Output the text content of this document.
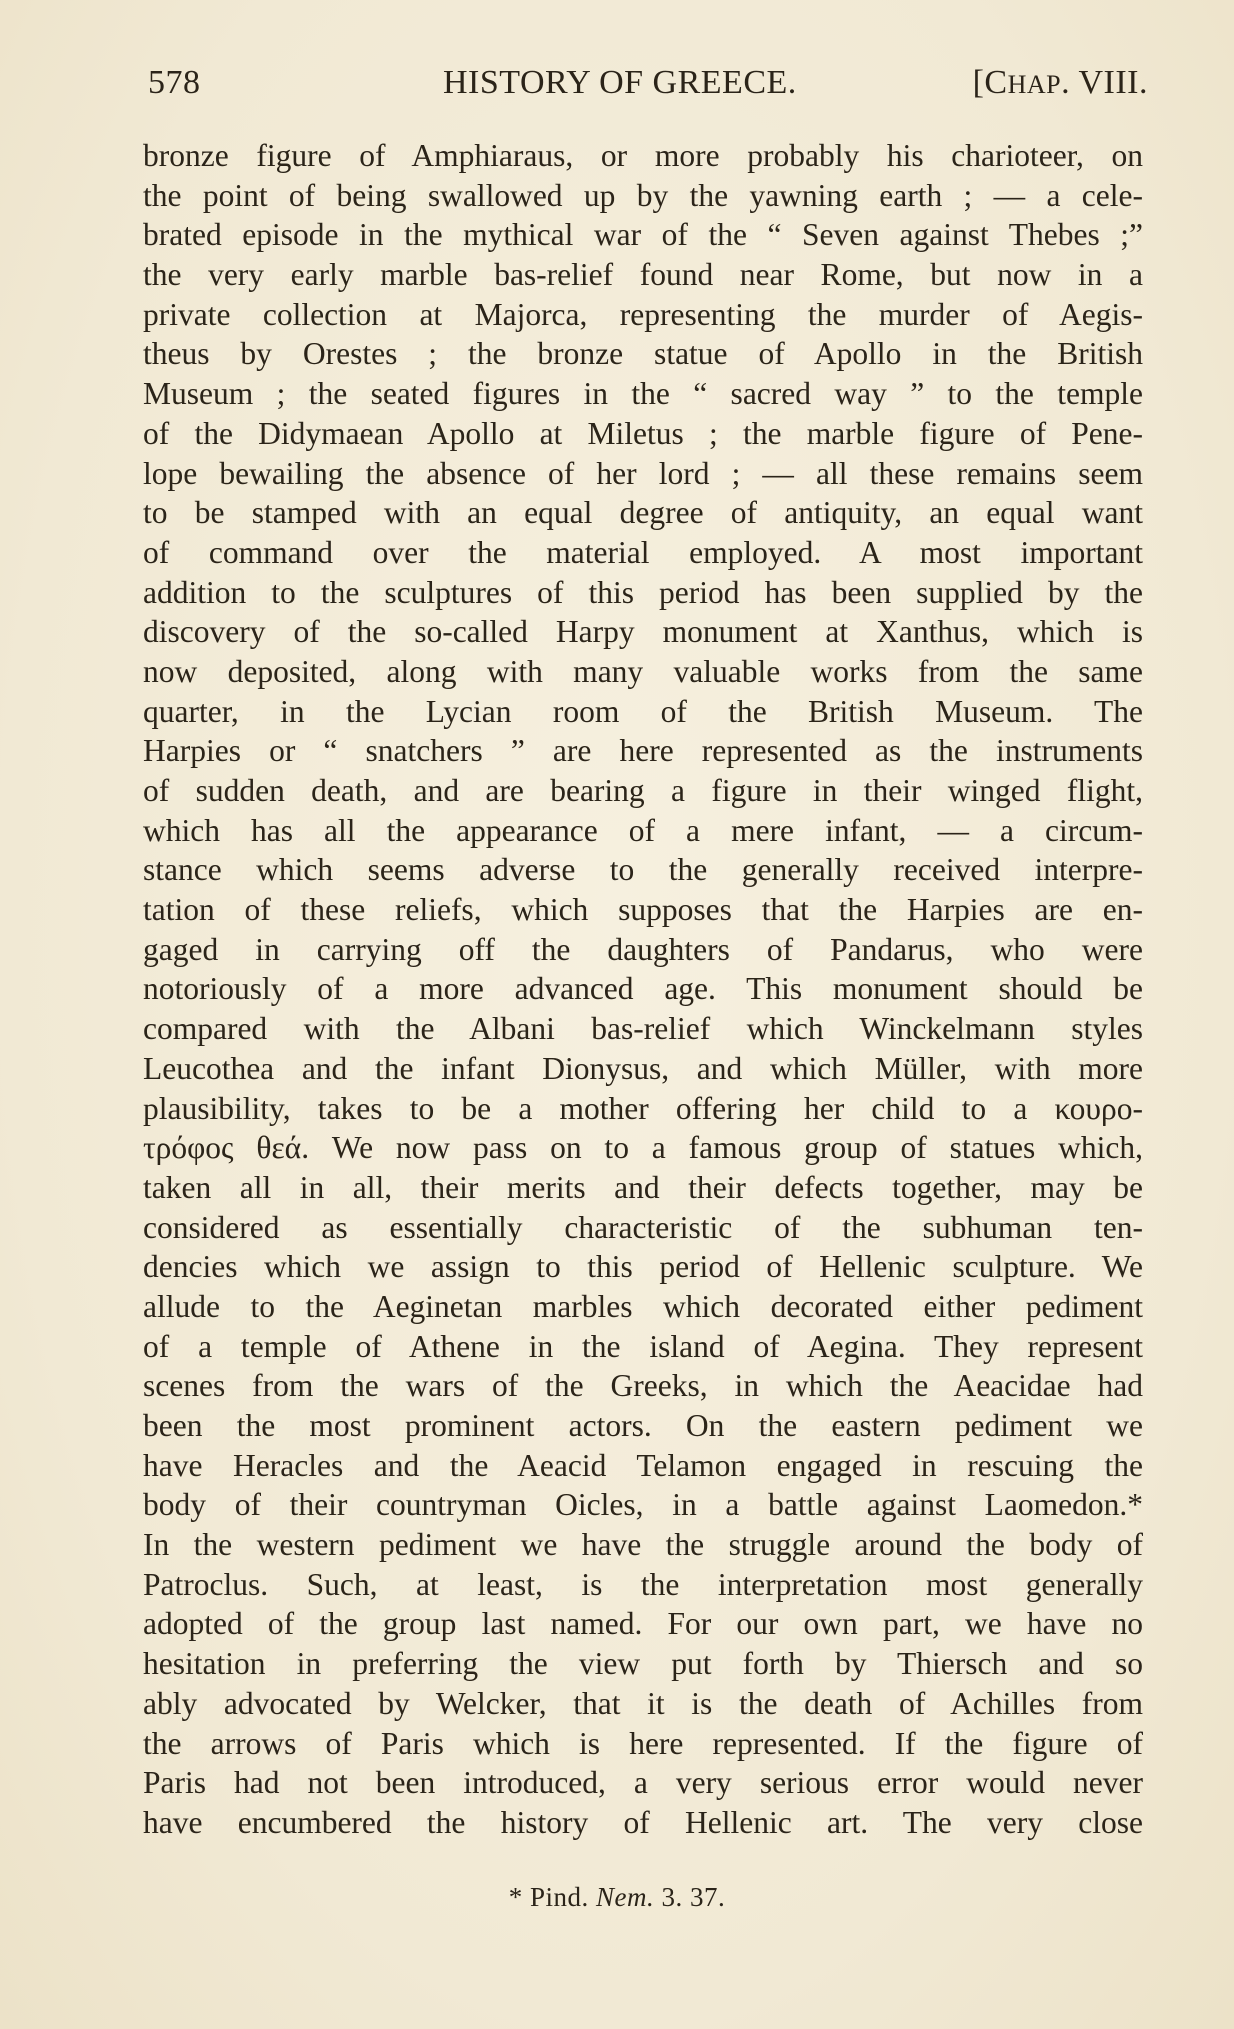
578	HISTORY OF GREECE.	[CHAP. VIII.
bronze figure of Amphiaraus, or more probably his charioteer, on
the point of being swallowed up by the yawning earth ; — a cele-
brated episode in the mythical war of the “ Seven against Thebes ;”
the very early marble bas-relief found near Rome, but now in a
private collection at Majorca, representing the murder of Aegis-
theus by Orestes ; the bronze statue of Apollo in the British
Museum ; the seated figures in the “ sacred way ” to the temple
of the Didymaean Apollo at Miletus ; the marble figure of Pene-
lope bewailing the absence of her lord ; — all these remains seem
to be stamped with an equal degree of antiquity, an equal want
of command over the material employed. A most important
addition to the sculptures of this period has been supplied by the
discovery of the so-called Harpy monument at Xanthus, which is
now deposited, along with many valuable works from the same
quarter, in the Lycian room of the British Museum. The
Harpies or “ snatchers ” are here represented as the instruments
of sudden death, and are bearing a figure in their winged flight,
which has all the appearance of a mere infant, — a circum-
stance which seems adverse to the generally received interpre-
tation of these reliefs, which supposes that the Harpies are en-
gaged in carrying off the daughters of Pandarus, who were
notoriously of a more advanced age. This monument should be
compared with the Albani bas-relief which Winckelmann styles
Leucothea and the infant Dionysus, and which Müller, with more
plausibility, takes to be a mother offering her child to a κουρο-
τρόφος θεά. We now pass on to a famous group of statues which,
taken all in all, their merits and their defects together, may be
considered as essentially characteristic of the subhuman ten-
dencies which we assign to this period of Hellenic sculpture. We
allude to the Aeginetan marbles which decorated either pediment
of a temple of Athene in the island of Aegina. They represent
scenes from the wars of the Greeks, in which the Aeacidae had
been the most prominent actors. On the eastern pediment we
have Heracles and the Aeacid Telamon engaged in rescuing the
body of their countryman Oicles, in a battle against Laomedon.*
In the western pediment we have the struggle around the body of
Patroclus. Such, at least, is the interpretation most generally
adopted of the group last named. For our own part, we have no
hesitation in preferring the view put forth by Thiersch and so
ably advocated by Welcker, that it is the death of Achilles from
the arrows of Paris which is here represented. If the figure of
Paris had not been introduced, a very serious error would never
have encumbered the history of Hellenic art. The very close
* Pind. Nem. 3. 37.
